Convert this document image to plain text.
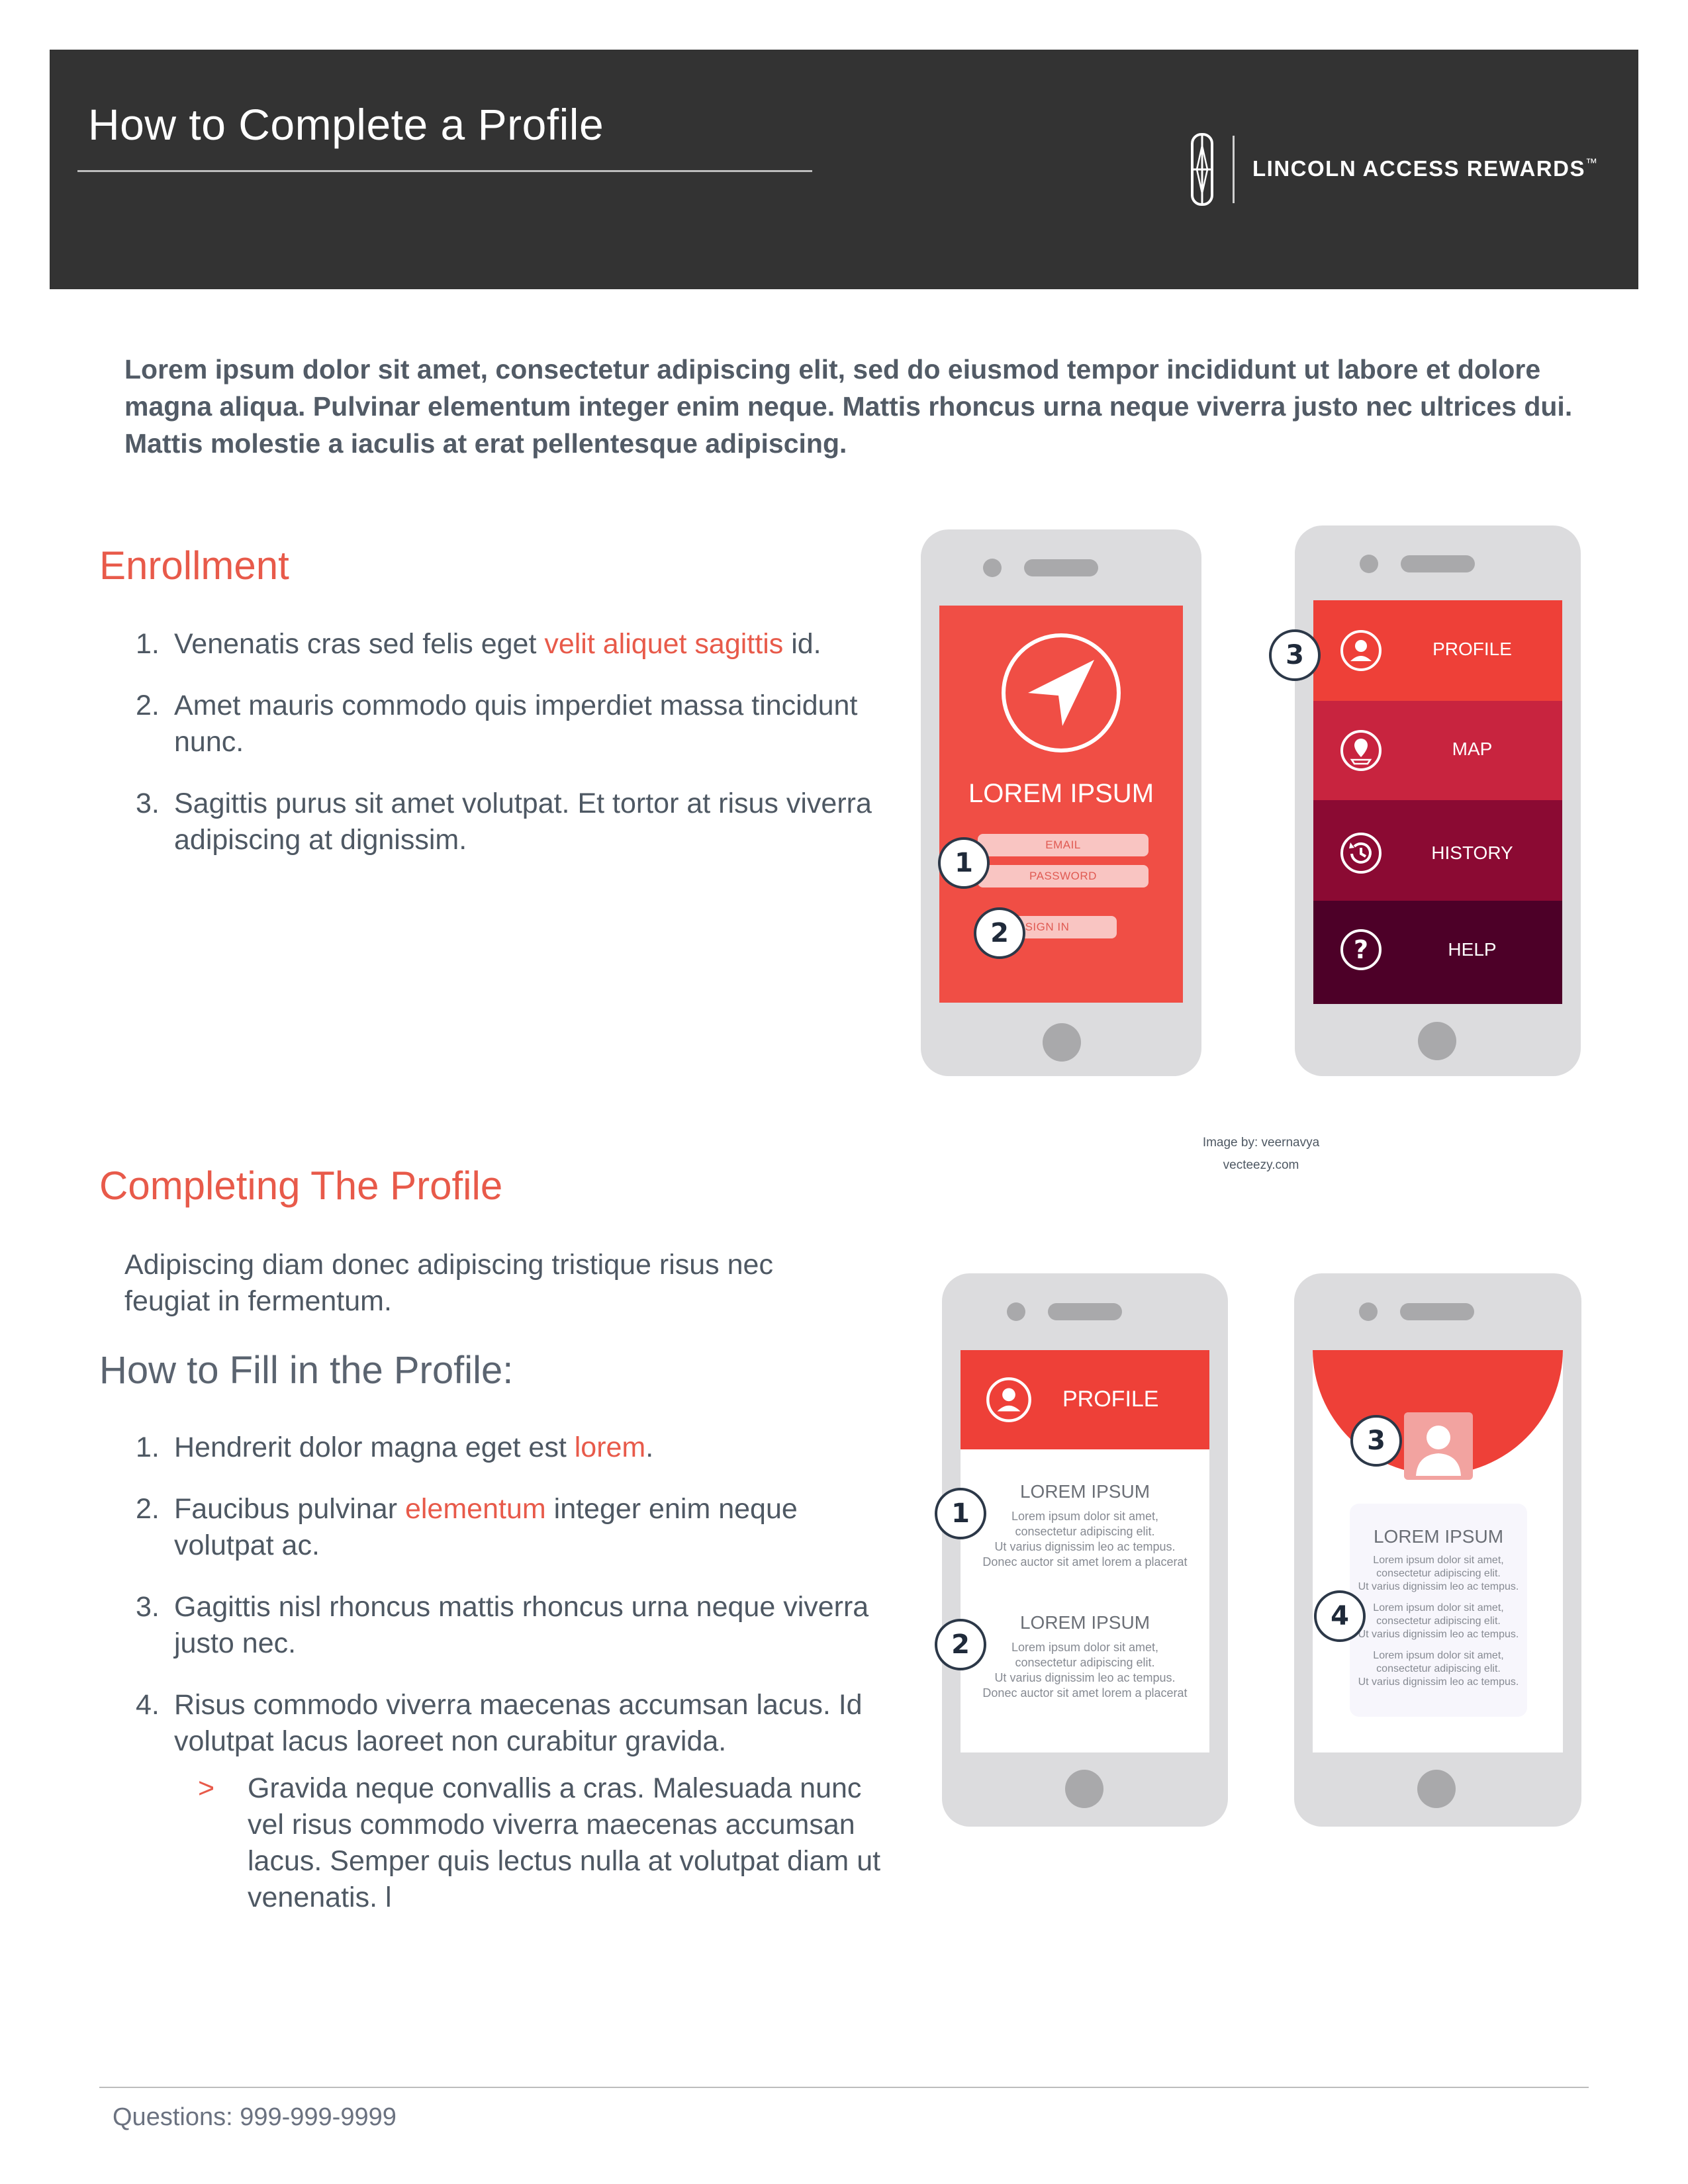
How to Complete a Profile
LINCOLN ACCESS REWARDS™
Lorem ipsum dolor sit amet, consectetur adipiscing elit, sed do eiusmod tempor incididunt ut labore et dolore magna aliqua. Pulvinar elementum integer enim neque. Mattis rhoncus urna neque viverra justo nec ultrices dui. Mattis molestie a iaculis at erat pellentesque adipiscing.
Enrollment
1. Venenatis cras sed felis eget velit aliquet sagittis id.
2. Amet mauris commodo quis imperdiet massa tincidunt nunc.
3. Sagittis purus sit amet volutpat. Et tortor at risus viverra adipiscing at dignissim.
LOREM IPSUM
EMAIL
PASSWORD
SIGN IN
1
2
PROFILE
MAP
HISTORY
?	HELP
3
Image by: veernavya
vecteezy.com
Completing The Profile
Adipiscing diam donec adipiscing tristique risus nec feugiat in fermentum.
How to Fill in the Profile:
1. Hendrerit dolor magna eget est lorem.
2. Faucibus pulvinar elementum integer enim neque volutpat ac.
3. Gagittis nisl rhoncus mattis rhoncus urna neque viverra justo nec.
4. Risus commodo viverra maecenas accumsan lacus. Id volutpat lacus laoreet non curabitur gravida.
> Gravida neque convallis a cras. Malesuada nunc vel risus commodo viverra maecenas accumsan lacus. Semper quis lectus nulla at volutpat diam ut venenatis. l
PROFILE
LOREM IPSUM
Lorem ipsum dolor sit amet,
consectetur adipiscing elit.
Ut varius dignissim leo ac tempus.
Donec auctor sit amet lorem a placerat
LOREM IPSUM
Lorem ipsum dolor sit amet,
consectetur adipiscing elit.
Ut varius dignissim leo ac tempus.
Donec auctor sit amet lorem a placerat
1
2
LOREM IPSUM
Lorem ipsum dolor sit amet,
consectetur adipiscing elit.
Ut varius dignissim leo ac tempus.
Lorem ipsum dolor sit amet,
consectetur adipiscing elit.
Ut varius dignissim leo ac tempus.
Lorem ipsum dolor sit amet,
consectetur adipiscing elit.
Ut varius dignissim leo ac tempus.
3
4
Questions: 999-999-9999
